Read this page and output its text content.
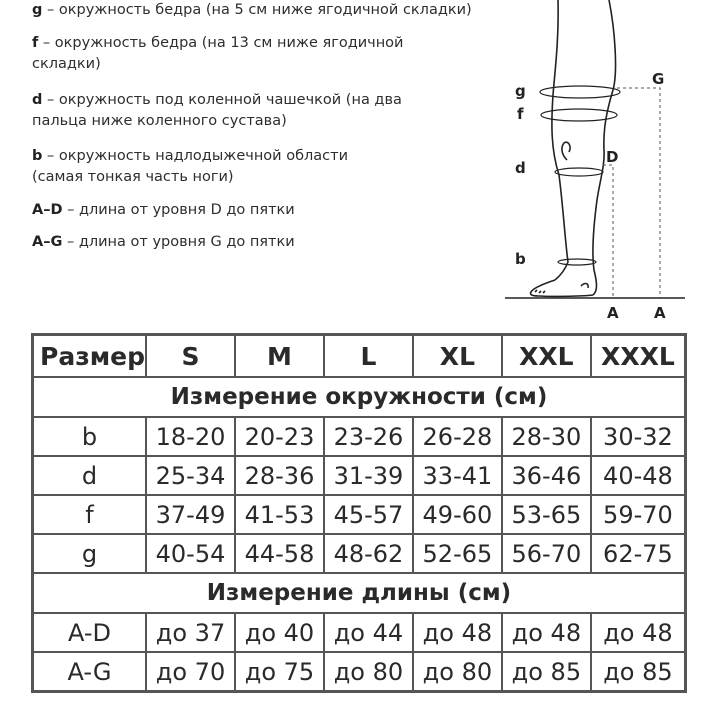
g – окружность бедра (на 5 см ниже ягодичной складки)
f – окружность бедра (на 13 см ниже ягодичной
складки)
d – окружность под коленной чашечкой (на два
пальца ниже коленного сустава)
b – окружность надлодыжечной области
(самая тонкая часть ноги)
A–D – длина от уровня D до пятки
A–G – длина от уровня G до пятки
g
f
d
b
G
D
A A
Размер	S	M	L	XL	XXL	XXXL
Измерение окружности (см)						
b	18-20	20-23	23-26	26-28	28-30	30-32
d	25-34	28-36	31-39	33-41	36-46	40-48
f	37-49	41-53	45-57	49-60	53-65	59-70
g	40-54	44-58	48-62	52-65	56-70	62-75
Измерение длины (см)						
A-D	до 37	до 40	до 44	до 48	до 48	до 48
A-G	до 70	до 75	до 80	до 80	до 85	до 85
